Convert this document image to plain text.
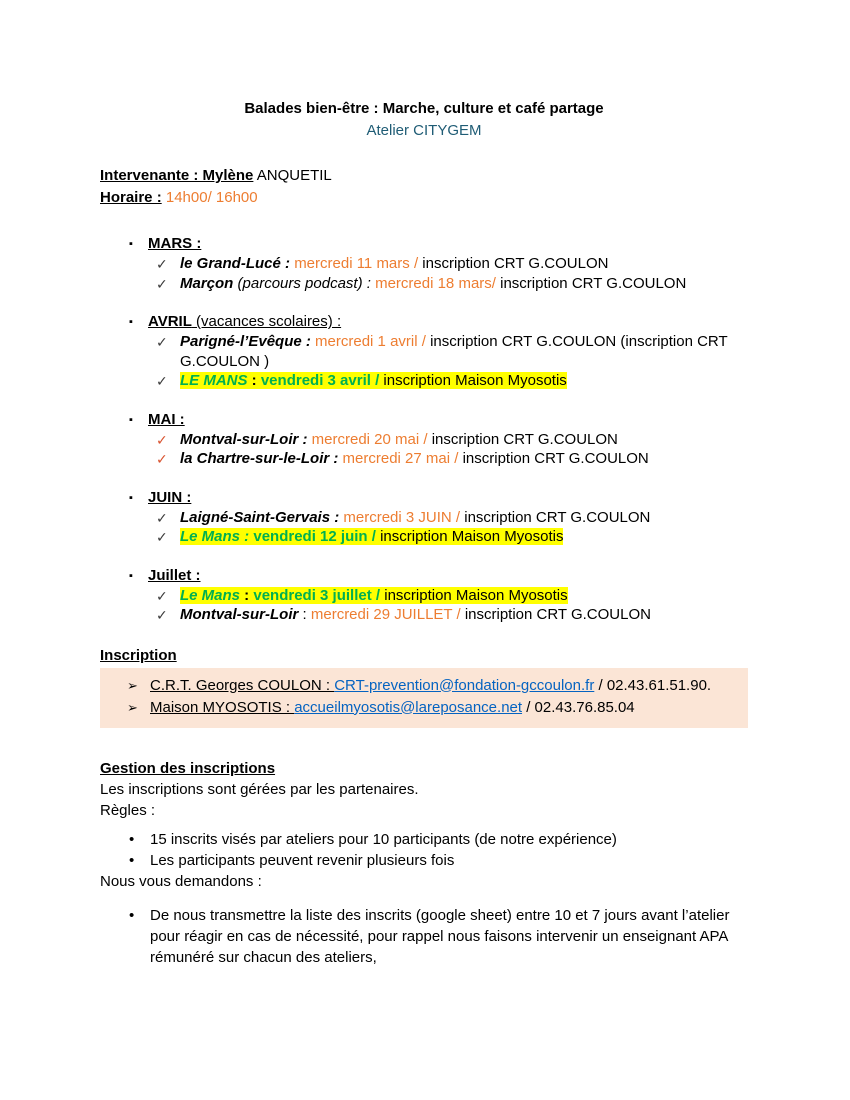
Balades bien-être : Marche, culture et café partage
Atelier CITYGEM

Intervenante : Mylène ANQUETIL

Horaire : 14h00/ 16h00

▪ MARS :

✓ le Grand-Lucé : mercredi 11 mars / inscription CRT G.COULON

✓ Marçon (parcours podcast) : mercredi 18 mars/ inscription CRT G.COULON

▪ AVRIL (vacances scolaires) :

✓ Parigné-l’Evêque : mercredi 1 avril / inscription CRT G.COULON (inscription CRT G.COULON )

✓ LE MANS : vendredi 3 avril / inscription Maison Myosotis

▪ MAI :

✓ Montval-sur-Loir : mercredi 20 mai / inscription CRT G.COULON

✓ la Chartre-sur-le-Loir : mercredi 27 mai / inscription CRT G.COULON

▪ JUIN :

✓ Laigné-Saint-Gervais : mercredi 3 JUIN / inscription CRT G.COULON

✓ Le Mans : vendredi 12 juin / inscription Maison Myosotis

▪ Juillet :

✓ Le Mans : vendredi 3 juillet / inscription Maison Myosotis

✓ Montval-sur-Loir : mercredi 29 JUILLET / inscription CRT G.COULON

Inscription

➢ C.R.T. Georges COULON : CRT-prevention@fondation-gccoulon.fr / 02.43.61.51.90.

➢ Maison MYOSOTIS : accueilmyosotis@lareposance.net / 02.43.76.85.04

Gestion des inscriptions

Les inscriptions sont gérées par les partenaires.

Règles :

• 15 inscrits visés par ateliers pour 10 participants (de notre expérience)

• Les participants peuvent revenir plusieurs fois

Nous vous demandons :

• De nous transmettre la liste des inscrits (google sheet) entre 10 et 7 jours avant l’atelier pour réagir en cas de nécessité, pour rappel nous faisons intervenir un enseignant APA rémunéré sur chacun des ateliers,
